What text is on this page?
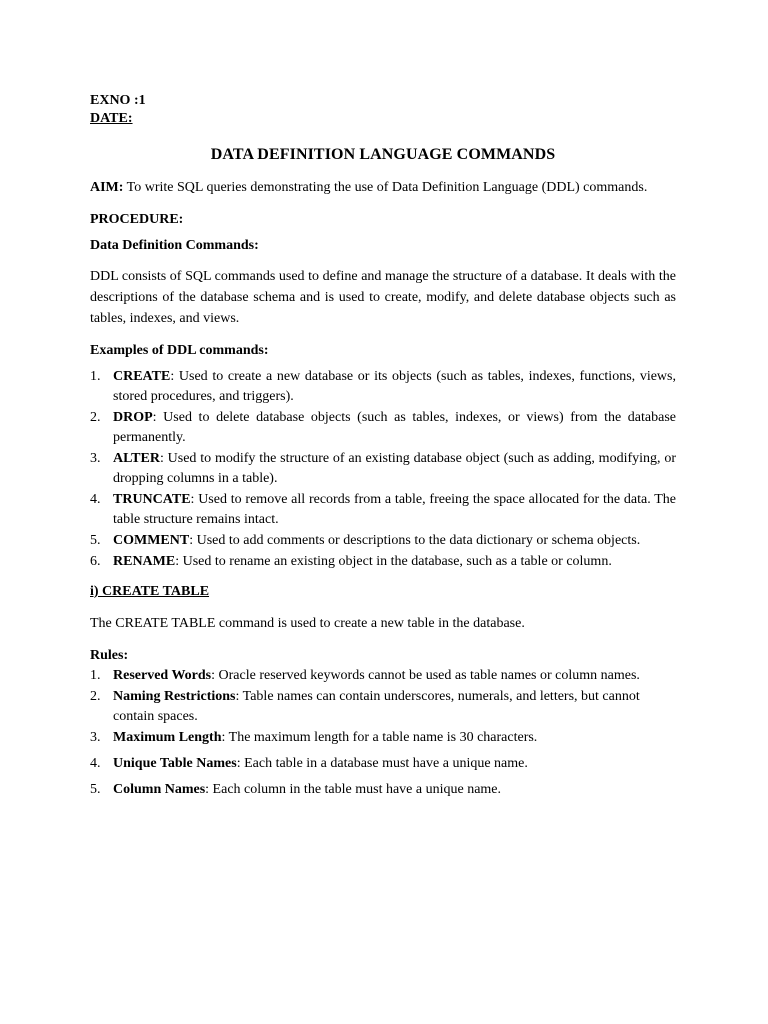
EXNO :1
DATE:
DATA DEFINITION LANGUAGE COMMANDS

AIM: To write SQL queries demonstrating the use of Data Definition Language (DDL) commands.

PROCEDURE:
Data Definition Commands:

DDL consists of SQL commands used to define and manage the structure of a database. It deals with the descriptions of the database schema and is used to create, modify, and delete database objects such as tables, indexes, and views.

Examples of DDL commands:
1. CREATE: Used to create a new database or its objects (such as tables, indexes, functions, views, stored procedures, and triggers).
2. DROP: Used to delete database objects (such as tables, indexes, or views) from the database permanently.
3. ALTER: Used to modify the structure of an existing database object (such as adding, modifying, or dropping columns in a table).
4. TRUNCATE: Used to remove all records from a table, freeing the space allocated for the data. The table structure remains intact.
5. COMMENT: Used to add comments or descriptions to the data dictionary or schema objects.
6. RENAME: Used to rename an existing object in the database, such as a table or column.
i) CREATE TABLE

The CREATE TABLE command is used to create a new table in the database.

Rules:
1. Reserved Words: Oracle reserved keywords cannot be used as table names or column names.
2. Naming Restrictions: Table names can contain underscores, numerals, and letters, but cannot contain spaces.
3. Maximum Length: The maximum length for a table name is 30 characters.
4. Unique Table Names: Each table in a database must have a unique name.
5. Column Names: Each column in the table must have a unique name.
